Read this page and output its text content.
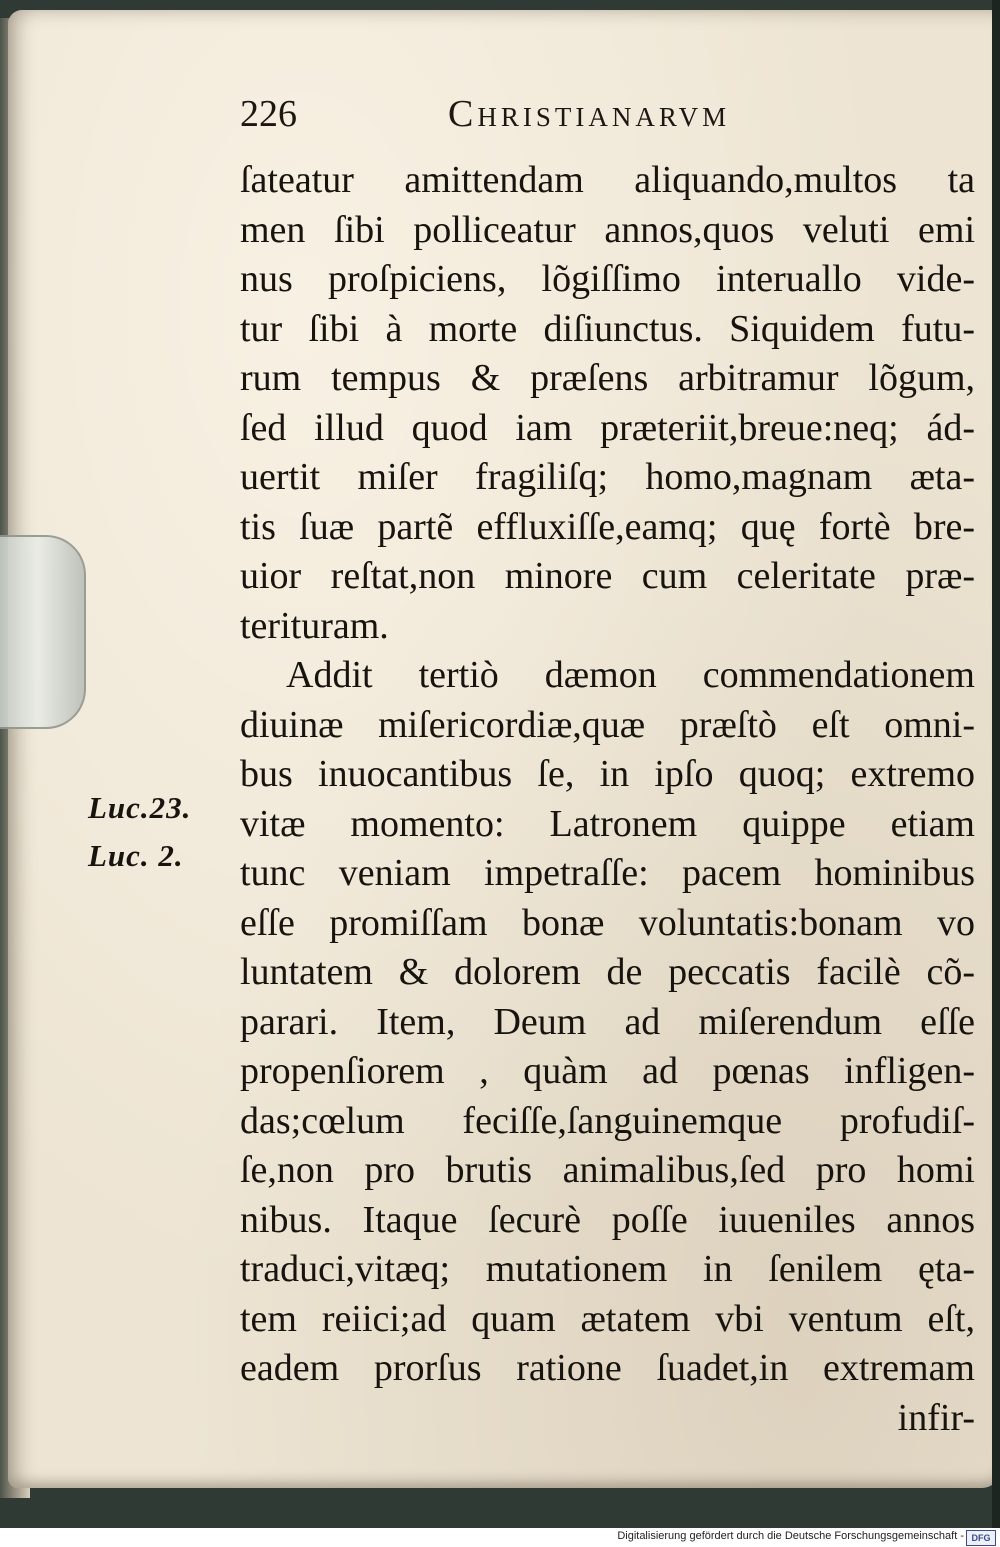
226	Christianarvm
Luc.23.
Luc. 2.
ſateatur amittendam aliquando,multos ta
men ſibi polliceatur annos,quos veluti emi
nus proſpiciens, lõgiſſimo interuallo vide-
tur ſibi à morte diſiunctus. Siquidem futu-
rum tempus & præſens arbitramur lõgum,
ſed illud quod iam præteriit,breue:neq; ád-
uertit miſer fragiliſq; homo,magnam æta-
tis ſuæ partẽ effluxiſſe,eamq; quę fortè bre-
uior reſtat,non minore cum celeritate præ-
terituram.
Addit tertiò dæmon commendationem
diuinæ miſericordiæ,quæ præſtò eſt omni-
bus inuocantibus ſe, in ipſo quoq; extremo
vitæ momento: Latronem quippe etiam
tunc veniam impetraſſe: pacem hominibus
eſſe promiſſam bonæ voluntatis:bonam vo
luntatem & dolorem de peccatis facilè cõ-
parari. Item, Deum ad miſerendum eſſe
propenſiorem , quàm ad pœnas infligen-
das;cœlum feciſſe,ſanguinemque profudiſ-
ſe,non pro brutis animalibus,ſed pro homi
nibus. Itaque ſecurè poſſe iuueniles annos
traduci,vitæq; mutationem in ſenilem ętа-
tem reiici;ad quam ætatem vbi ventum eſt,
eadem prorſus ratione ſuadet,in extremam
infir-
Digitalisierung gefördert durch die Deutsche Forschungsgemeinschaft - DFG
